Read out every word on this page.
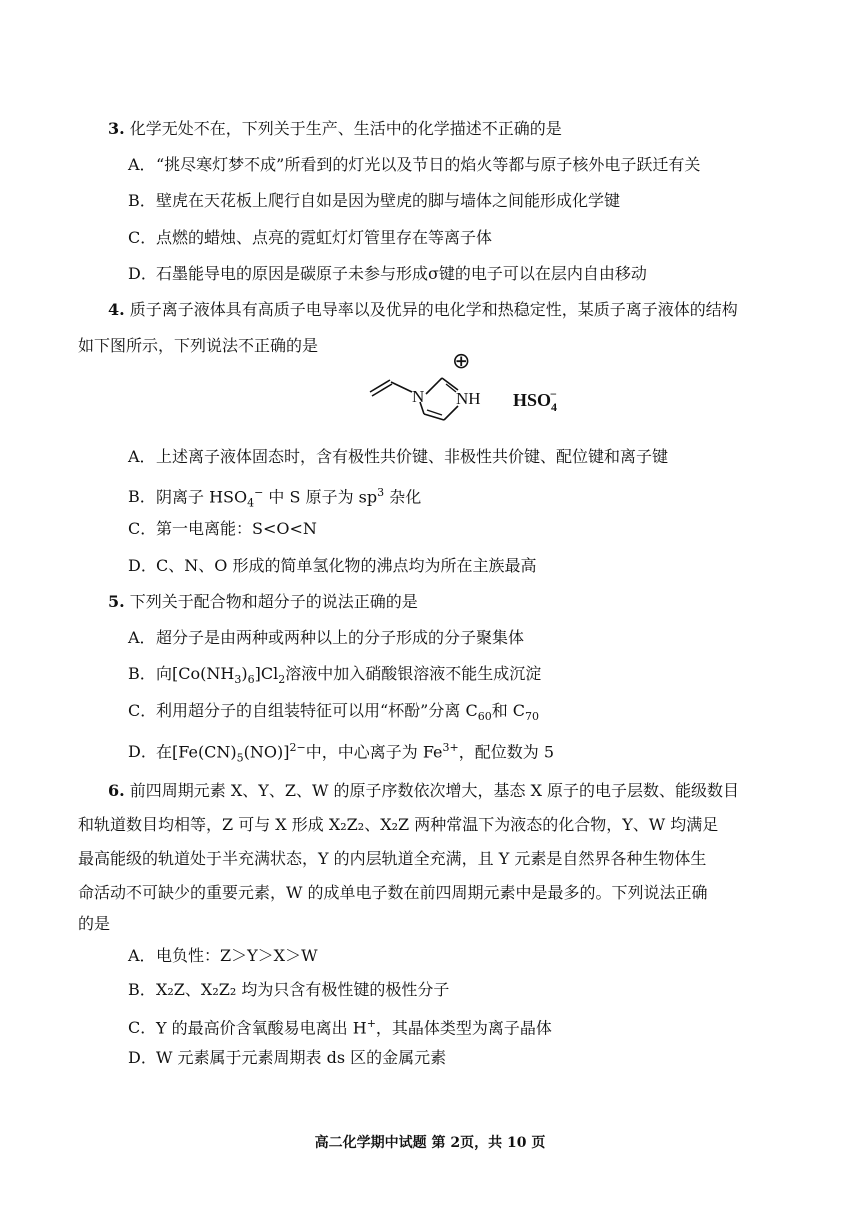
3. 化学无处不在，下列关于生产、生活中的化学描述不正确的是
A．“挑尽寒灯梦不成”所看到的灯光以及节日的焰火等都与原子核外电子跃迁有关
B．壁虎在天花板上爬行自如是因为壁虎的脚与墙体之间能形成化学键
C．点燃的蜡烛、点亮的霓虹灯灯管里存在等离子体
D．石墨能导电的原因是碳原子未参与形成σ键的电子可以在层内自由移动
4. 质子离子液体具有高质子电导率以及优异的电化学和热稳定性，某质子离子液体的结构
如下图所示，下列说法不正确的是
N NH
⊕
$HSO_4-$
A．上述离子液体固态时，含有极性共价键、非极性共价键、配位键和离子键
B．阴离子 $HSO_4^-$ 中 S 原子为 $sp^3$ 杂化
C．第一电离能：S<O<N
D．C、N、O 形成的简单氢化物的沸点均为所在主族最高
5. 下列关于配合物和超分子的说法正确的是
A．超分子是由两种或两种以上的分子形成的分子聚集体
B．向$[Co(NH_3)_6]Cl_2$溶液中加入硝酸银溶液不能生成沉淀
C．利用超分子的自组装特征可以用“杯酚”分离 $C_{60}$和 $C_{70}$
D．在$[Fe(CN)_5(NO)]^{2-}$中，中心离子为 $Fe^{3+}$，配位数为 5
6. 前四周期元素 X、Y、Z、W 的原子序数依次增大，基态 X 原子的电子层数、能级数目
和轨道数目均相等，Z 可与 X 形成 X₂Z₂、X₂Z 两种常温下为液态的化合物，Y、W 均满足
最高能级的轨道处于半充满状态，Y 的内层轨道全充满，且 Y 元素是自然界各种生物体生
命活动不可缺少的重要元素，W 的成单电子数在前四周期元素中是最多的。下列说法正确
的是
A．电负性：Z＞Y＞X＞W
B．X₂Z、X₂Z₂ 均为只含有极性键的极性分子
C．Y 的最高价含氧酸易电离出 H+，其晶体类型为离子晶体
D．W 元素属于元素周期表 ds 区的金属元素
高二化学期中试题 第 2页，共 10 页
